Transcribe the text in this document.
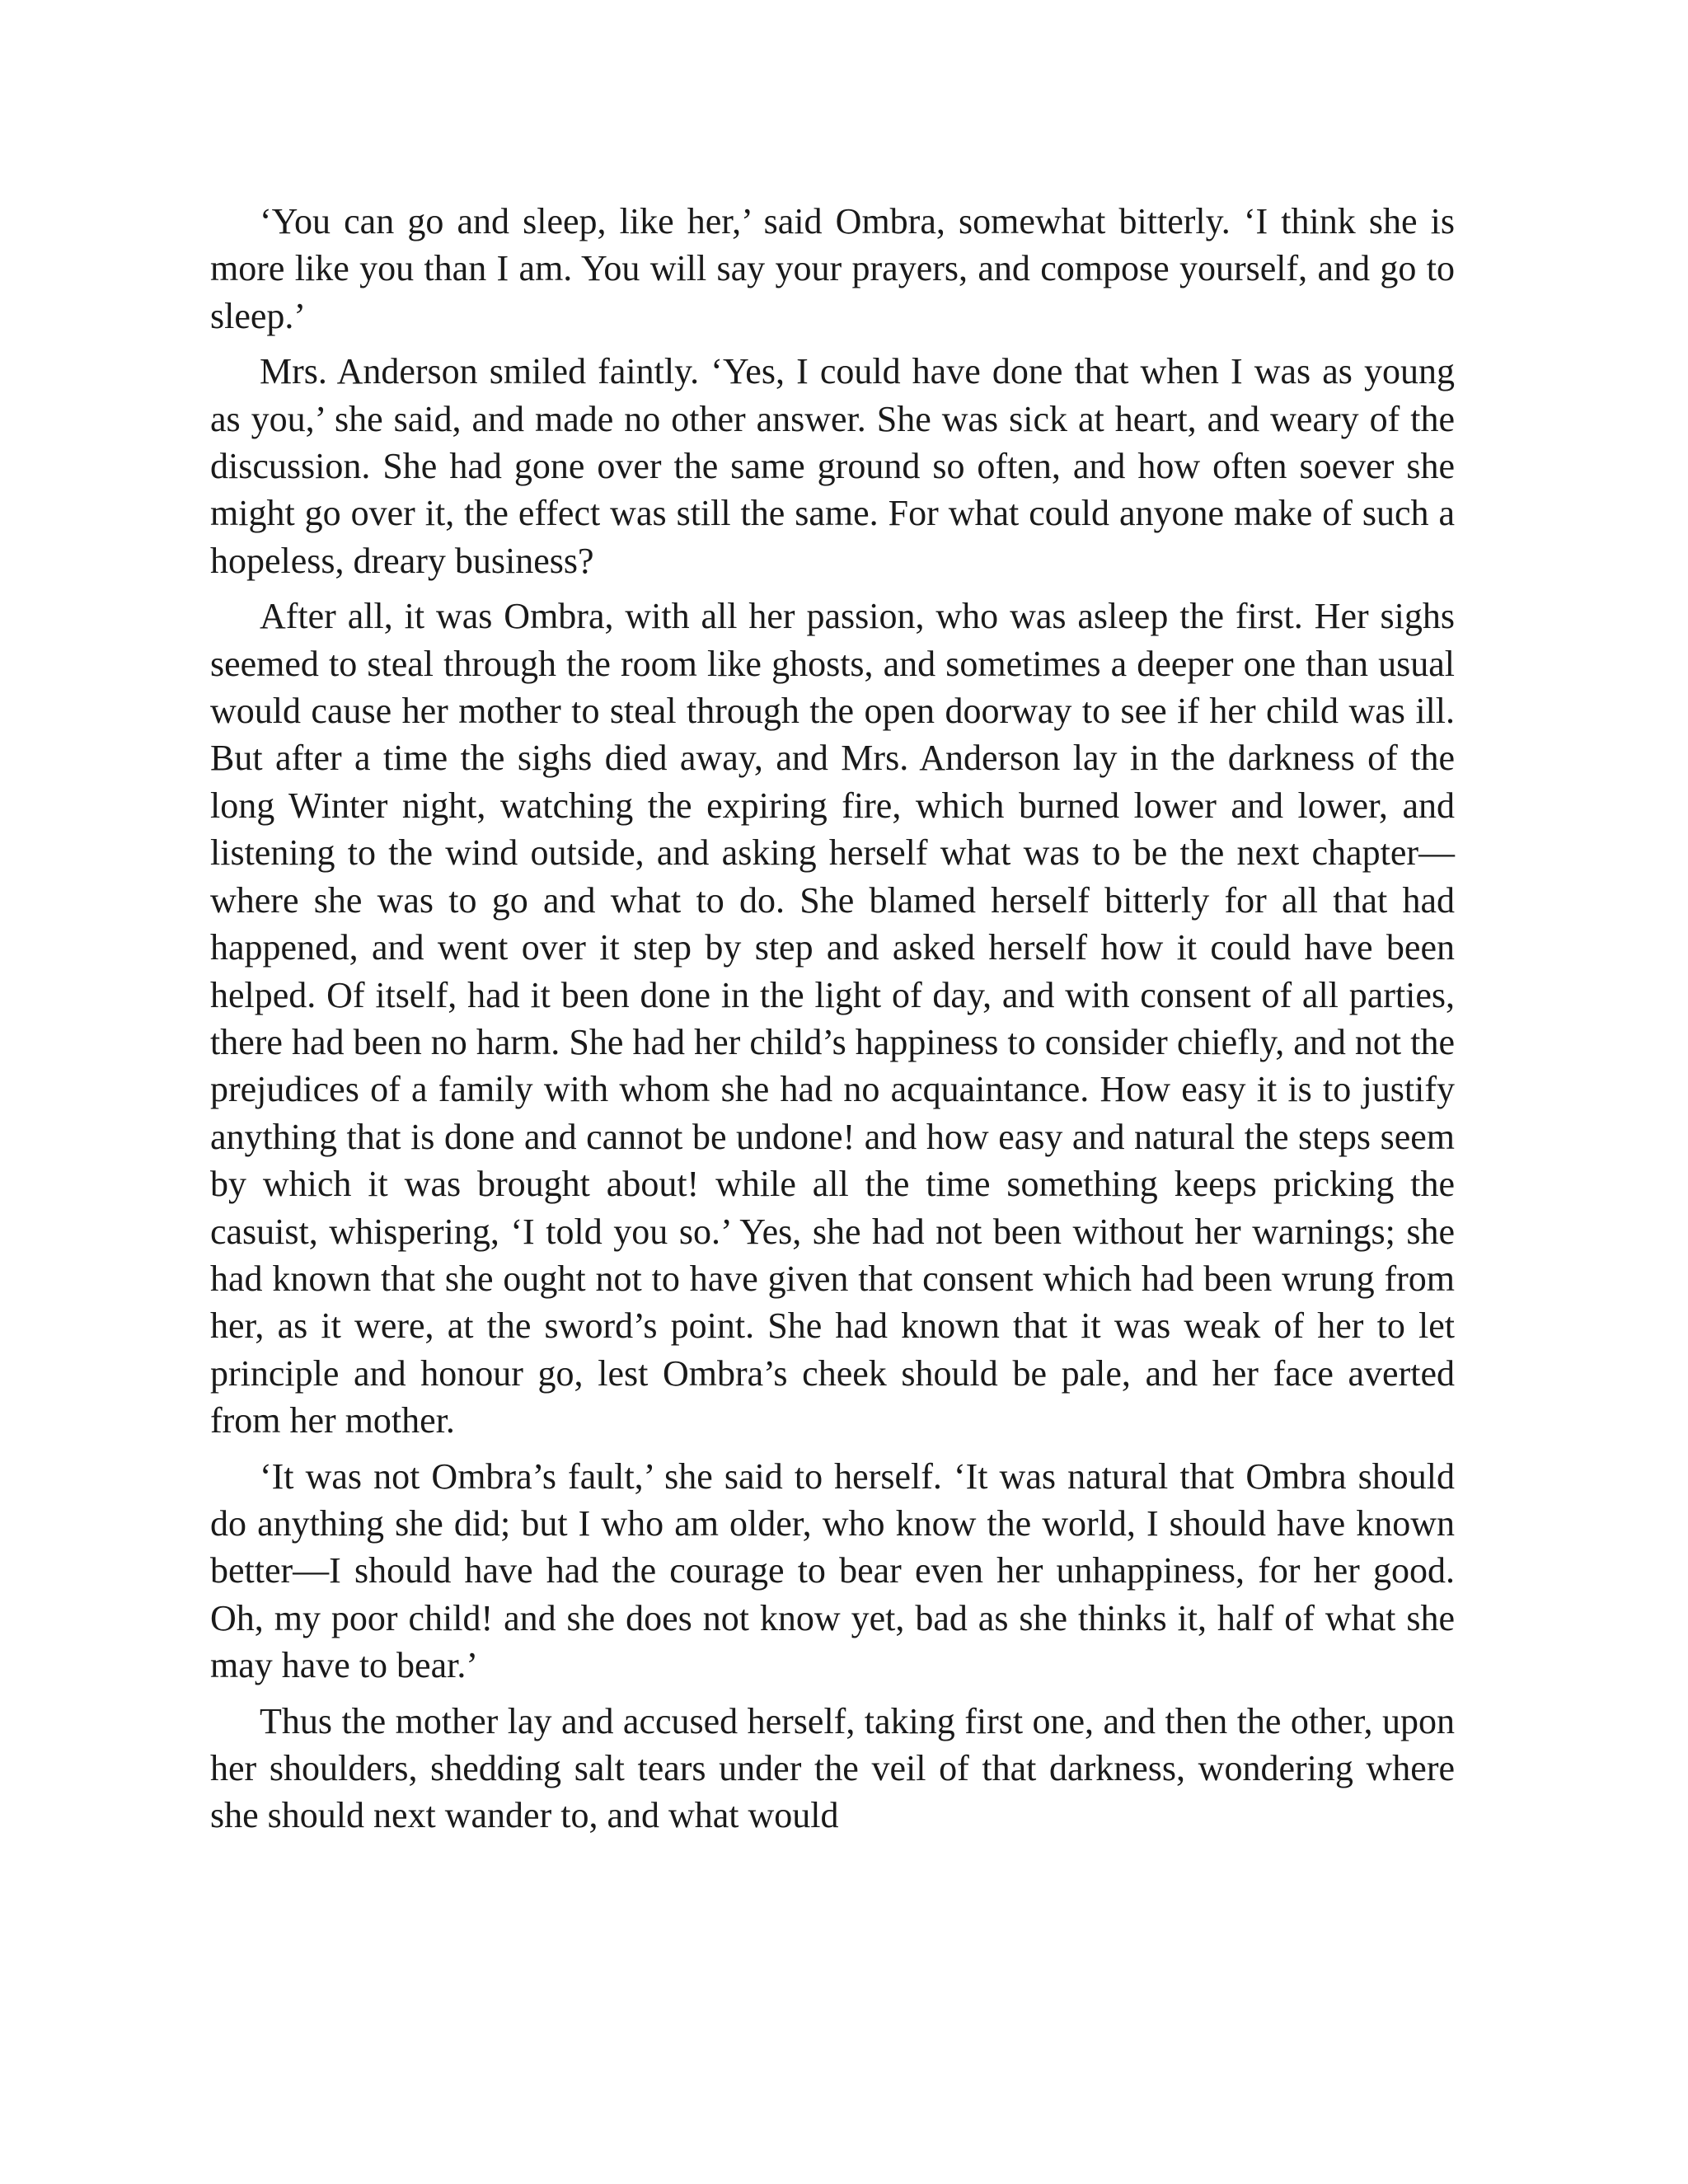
‘You can go and sleep, like her,’ said Ombra, somewhat bitterly. ‘I think she is more like you than I am. You will say your prayers, and compose yourself, and go to sleep.’

Mrs. Anderson smiled faintly. ‘Yes, I could have done that when I was as young as you,’ she said, and made no other answer. She was sick at heart, and weary of the discussion. She had gone over the same ground so often, and how often soever she might go over it, the effect was still the same. For what could anyone make of such a hopeless, dreary business?

After all, it was Ombra, with all her passion, who was asleep the first. Her sighs seemed to steal through the room like ghosts, and sometimes a deeper one than usual would cause her mother to steal through the open doorway to see if her child was ill. But after a time the sighs died away, and Mrs. Anderson lay in the darkness of the long Winter night, watching the expiring fire, which burned lower and lower, and listening to the wind outside, and asking herself what was to be the next chapter—where she was to go and what to do. She blamed herself bitterly for all that had happened, and went over it step by step and asked herself how it could have been helped. Of itself, had it been done in the light of day, and with consent of all parties, there had been no harm. She had her child’s happiness to consider chiefly, and not the prejudices of a family with whom she had no acquaintance. How easy it is to justify anything that is done and cannot be undone! and how easy and natural the steps seem by which it was brought about! while all the time something keeps pricking the casuist, whispering, ‘I told you so.’ Yes, she had not been without her warnings; she had known that she ought not to have given that consent which had been wrung from her, as it were, at the sword’s point. She had known that it was weak of her to let principle and honour go, lest Ombra’s cheek should be pale, and her face averted from her mother.

‘It was not Ombra’s fault,’ she said to herself. ‘It was natural that Ombra should do anything she did; but I who am older, who know the world, I should have known better—I should have had the courage to bear even her unhappiness, for her good. Oh, my poor child! and she does not know yet, bad as she thinks it, half of what she may have to bear.’

Thus the mother lay and accused herself, taking first one, and then the other, upon her shoulders, shedding salt tears under the veil of that darkness, wondering where she should next wander to, and what would
